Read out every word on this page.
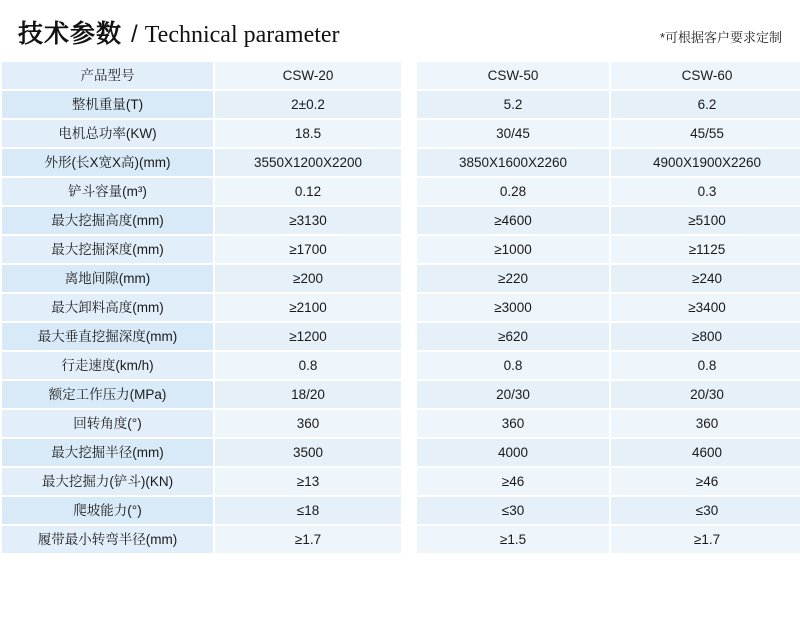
技术参数 / Technical parameter	*可根据客户要求定制
产品型号	CSW-20		CSW-50	CSW-60
整机重量(T)	2±0.2		5.2	6.2
电机总功率(KW)	18.5		30/45	45/55
外形(长X宽X高)(mm)	3550X1200X2200		3850X1600X2260	4900X1900X2260
铲斗容量(m³)	0.12		0.28	0.3
最大挖掘高度(mm)	≥3130		≥4600	≥5100
最大挖掘深度(mm)	≥1700		≥1000	≥1125
离地间隙(mm)	≥200		≥220	≥240
最大卸料高度(mm)	≥2100		≥3000	≥3400
最大垂直挖掘深度(mm)	≥1200		≥620	≥800
行走速度(km/h)	0.8		0.8	0.8
额定工作压力(MPa)	18/20		20/30	20/30
回转角度(°)	360		360	360
最大挖掘半径(mm)	3500		4000	4600
最大挖掘力(铲斗)(KN)	≥13		≥46	≥46
爬坡能力(°)	≤18		≤30	≤30
履带最小转弯半径(mm)	≥1.7		≥1.5	≥1.7
